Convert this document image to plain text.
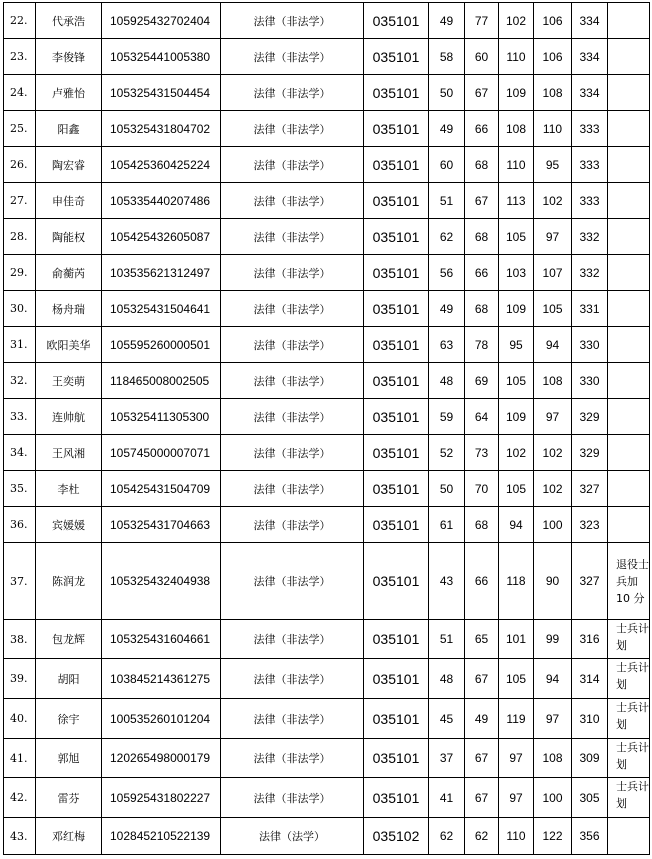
22.	代承浩	105925432702404	法律（非法学）	035101	49	77	102	106	334	
23.	李俊锋	105325441005380	法律（非法学）	035101	58	60	110	106	334	
24.	卢雅怡	105325431504454	法律（非法学）	035101	50	67	109	108	334	
25.	阳鑫	105325431804702	法律（非法学）	035101	49	66	108	110	333	
26.	陶宏睿	105425360425224	法律（非法学）	035101	60	68	110	95	333	
27.	申佳奇	105335440207486	法律（非法学）	035101	51	67	113	102	333	
28.	陶能权	105425432605087	法律（非法学）	035101	62	68	105	97	332	
29.	俞蘅芮	103535621312497	法律（非法学）	035101	56	66	103	107	332	
30.	杨舟瑞	105325431504641	法律（非法学）	035101	49	68	109	105	331	
31.	欧阳美华	105595260000501	法律（非法学）	035101	63	78	95	94	330	
32.	王奕萌	118465008002505	法律（非法学）	035101	48	69	105	108	330	
33.	连帅航	105325411305300	法律（非法学）	035101	59	64	109	97	329	
34.	王风湘	105745000007071	法律（非法学）	035101	52	73	102	102	329	
35.	李杜	105425431504709	法律（非法学）	035101	50	70	105	102	327	
36.	宾媛媛	105325431704663	法律（非法学）	035101	61	68	94	100	323	
37.	陈润龙	105325432404938	法律（非法学）	035101	43	66	118	90	327	退役士兵加 10 分
38.	包龙辉	105325431604661	法律（非法学）	035101	51	65	101	99	316	士兵计划
39.	胡阳	103845214361275	法律（非法学）	035101	48	67	105	94	314	士兵计划
40.	徐宇	100535260101204	法律（非法学）	035101	45	49	119	97	310	士兵计划
41.	郭旭	120265498000179	法律（非法学）	035101	37	67	97	108	309	士兵计划
42.	雷芬	105925431802227	法律（非法学）	035101	41	67	97	100	305	士兵计划
43.	邓红梅	102845210522139	法律（法学）	035102	62	62	110	122	356	
